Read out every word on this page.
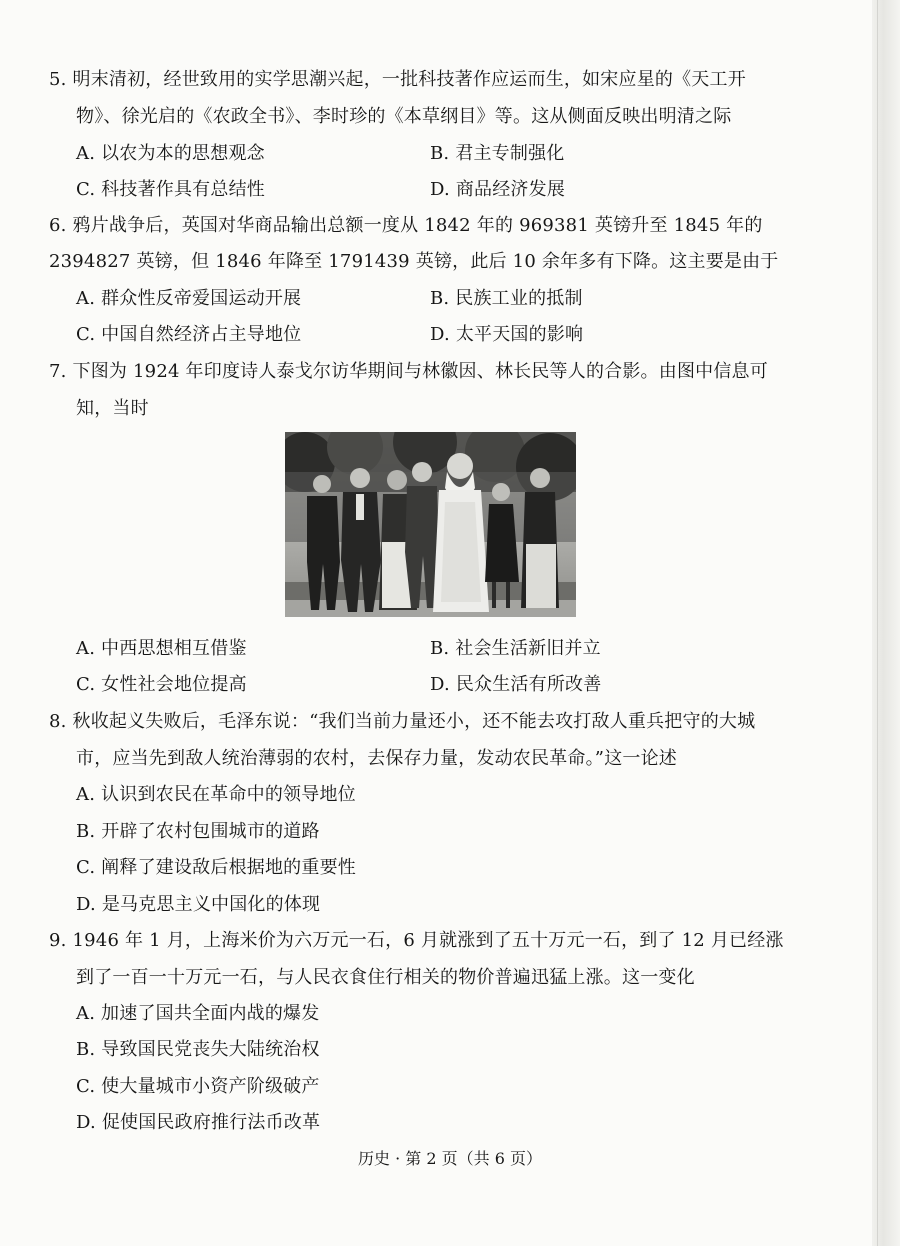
5. 明末清初，经世致用的实学思潮兴起，一批科技著作应运而生，如宋应星的《天工开
物》、徐光启的《农政全书》、李时珍的《本草纲目》等。这从侧面反映出明清之际
A. 以农为本的思想观念	B. 君主专制强化
C. 科技著作具有总结性	D. 商品经济发展
6. 鸦片战争后，英国对华商品输出总额一度从 1842 年的 969381 英镑升至 1845 年的
2394827 英镑，但 1846 年降至 1791439 英镑，此后 10 余年多有下降。这主要是由于
A. 群众性反帝爱国运动开展	B. 民族工业的抵制
C. 中国自然经济占主导地位	D. 太平天国的影响
7. 下图为 1924 年印度诗人泰戈尔访华期间与林徽因、林长民等人的合影。由图中信息可
知，当时
A. 中西思想相互借鉴	B. 社会生活新旧并立
C. 女性社会地位提高	D. 民众生活有所改善
8. 秋收起义失败后，毛泽东说：“我们当前力量还小，还不能去攻打敌人重兵把守的大城
市，应当先到敌人统治薄弱的农村，去保存力量，发动农民革命。”这一论述
A. 认识到农民在革命中的领导地位
B. 开辟了农村包围城市的道路
C. 阐释了建设敌后根据地的重要性
D. 是马克思主义中国化的体现
9. 1946 年 1 月，上海米价为六万元一石，6 月就涨到了五十万元一石，到了 12 月已经涨
到了一百一十万元一石，与人民衣食住行相关的物价普遍迅猛上涨。这一变化
A. 加速了国共全面内战的爆发
B. 导致国民党丧失大陆统治权
C. 使大量城市小资产阶级破产
D. 促使国民政府推行法币改革
历史 · 第 2 页（共 6 页）
